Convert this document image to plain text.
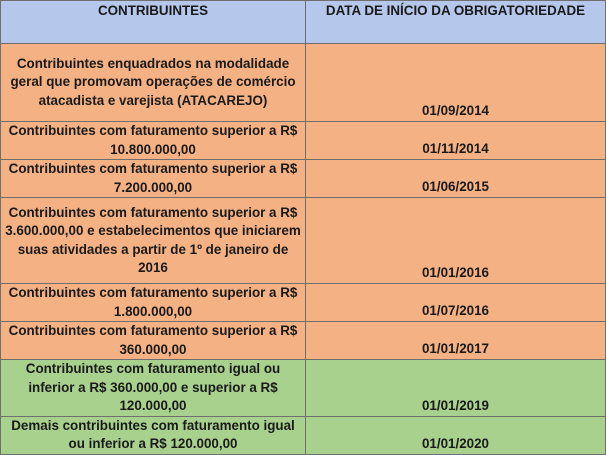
CONTRIBUINTES	DATA DE INÍCIO DA OBRIGATORIEDADE
Contribuintes enquadrados na modalidade geral que promovam operações de comércio atacadista e varejista (ATACAREJO)	01/09/2014
Contribuintes com faturamento superior a R$ 10.800.000,00	01/11/2014
Contribuintes com faturamento superior a R$ 7.200.000,00	01/06/2015
Contribuintes com faturamento superior a R$ 3.600.000,00 e estabelecimentos que iniciarem suas atividades a partir de 1º de janeiro de 2016	01/01/2016
Contribuintes com faturamento superior a R$ 1.800.000,00	01/07/2016
Contribuintes com faturamento superior a R$ 360.000,00	01/01/2017
Contribuintes com faturamento igual ou inferior a R$ 360.000,00 e superior a R$ 120.000,00	01/01/2019
Demais contribuintes com faturamento igual ou inferior a R$ 120.000,00	01/01/2020
